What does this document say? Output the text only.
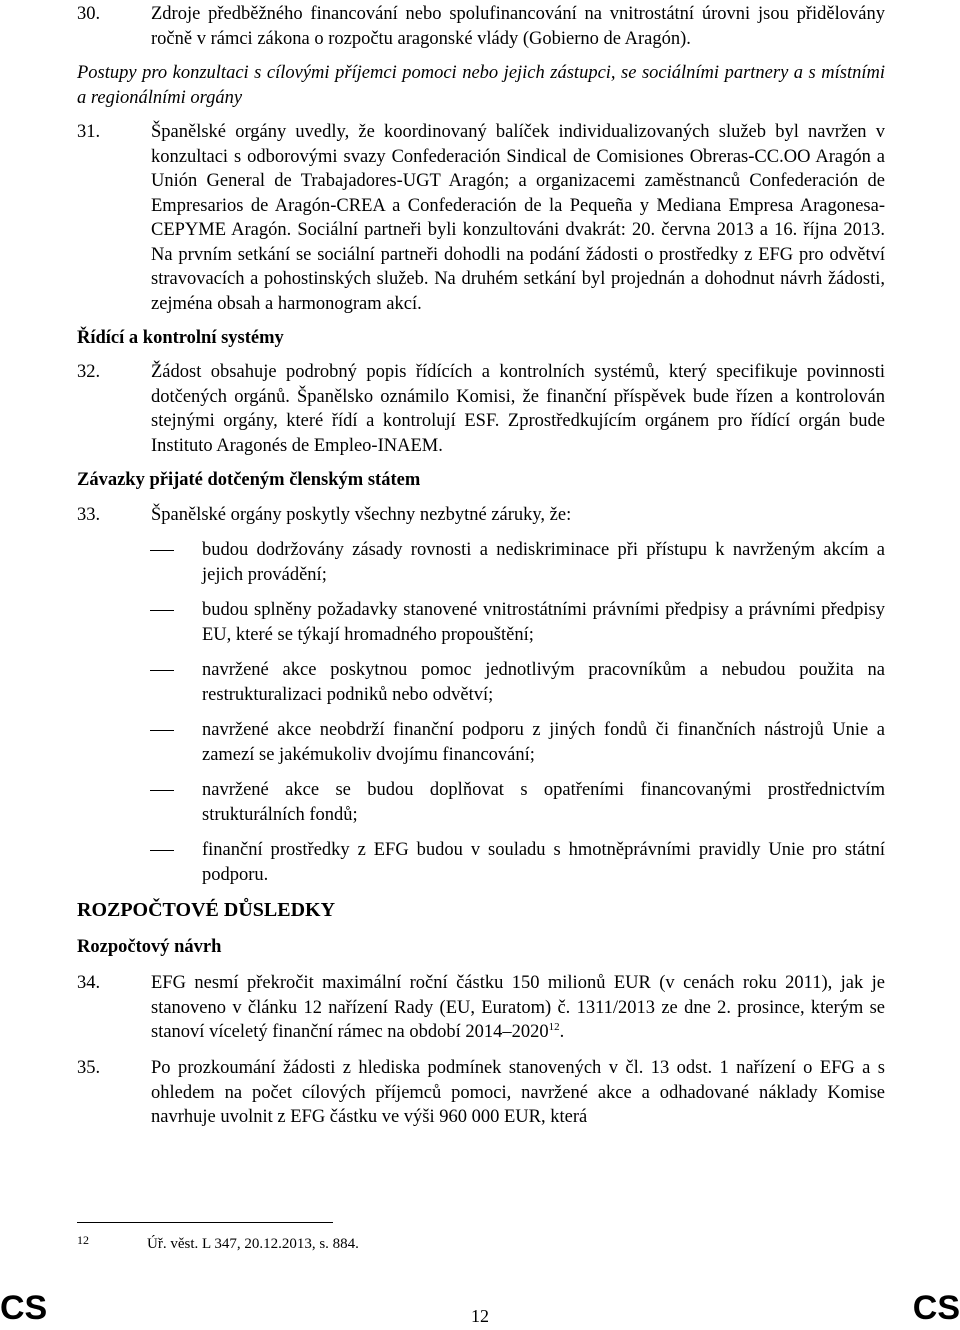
30.	Zdroje předběžného financování nebo spolufinancování na vnitrostátní úrovni jsou přidělovány ročně v rámci zákona o rozpočtu aragonské vlády (Gobierno de Aragón).
Postupy pro konzultaci s cílovými příjemci pomoci nebo jejich zástupci, se sociálními partnery a s místními a regionálními orgány
31.	Španělské orgány uvedly, že koordinovaný balíček individualizovaných služeb byl navržen v konzultaci s odborovými svazy Confederación Sindical de Comisiones Obreras-CC.OO Aragón a Unión General de Trabajadores-UGT Aragón; a organizacemi zaměstnanců Confederación de Empresarios de Aragón-CREA a Confederación de la Pequeña y Mediana Empresa Aragonesa-CEPYME Aragón. Sociální partneři byli konzultováni dvakrát: 20. června 2013 a 16. října 2013. Na prvním setkání se sociální partneři dohodli na podání žádosti o prostředky z EFG pro odvětví stravovacích a pohostinských služeb. Na druhém setkání byl projednán a dohodnut návrh žádosti, zejména obsah a harmonogram akcí.
Řídící a kontrolní systémy
32.	Žádost obsahuje podrobný popis řídících a kontrolních systémů, který specifikuje povinnosti dotčených orgánů. Španělsko oznámilo Komisi, že finanční příspěvek bude řízen a kontrolován stejnými orgány, které řídí a kontrolují ESF. Zprostředkujícím orgánem pro řídící orgán bude Instituto Aragonés de Empleo-INAEM.
Závazky přijaté dotčeným členským státem
33.	Španělské orgány poskytly všechny nezbytné záruky, že:
budou dodržovány zásady rovnosti a nediskriminace při přístupu k navrženým akcím a jejich provádění;
budou splněny požadavky stanovené vnitrostátními právními předpisy a právními předpisy EU, které se týkají hromadného propouštění;
navržené akce poskytnou pomoc jednotlivým pracovníkům a nebudou použita na restrukturalizaci podniků nebo odvětví;
navržené akce neobdrží finanční podporu z jiných fondů či finančních nástrojů Unie a zamezí se jakémukoliv dvojímu financování;
navržené akce se budou doplňovat s opatřeními financovanými prostřednictvím strukturálních fondů;
finanční prostředky z EFG budou v souladu s hmotněprávními pravidly Unie pro státní podporu.
ROZPOČTOVÉ DŮSLEDKY
Rozpočtový návrh
34.	EFG nesmí překročit maximální roční částku 150 milionů EUR (v cenách roku 2011), jak je stanoveno v článku 12 nařízení Rady (EU, Euratom) č. 1311/2013 ze dne 2. prosince, kterým se stanoví víceletý finanční rámec na období 2014–2020$^{12}$.
35.	Po prozkoumání žádosti z hlediska podmínek stanovených v čl. 13 odst. 1 nařízení o EFG a s ohledem na počet cílových příjemců pomoci, navržené akce a odhadované náklady Komise navrhuje uvolnit z EFG částku ve výši 960 000 EUR, která
12	Úř. věst. L 347, 20.12.2013, s. 884.
CS	12	CS
